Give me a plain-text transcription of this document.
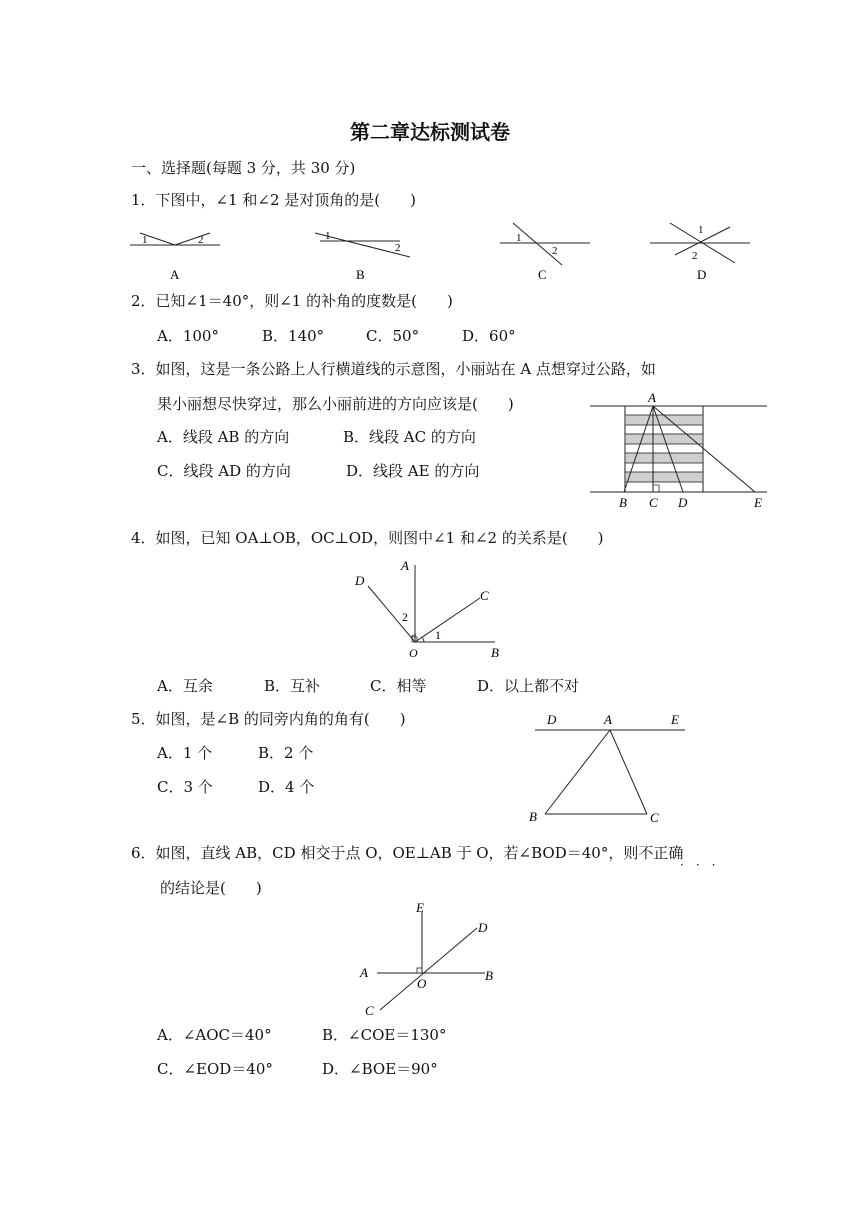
第二章达标测试卷
一、选择题(每题 3 分，共 30 分)
1．下图中，∠1 和∠2 是对顶角的是(　　)
1	2
A
1
2
B
1
2
C
1
2
D
2．已知∠1＝40°，则∠1 的补角的度数是(　　)
A．100°	B．140°	C．50°	D．60°
3．如图，这是一条公路上人行横道线的示意图，小丽站在 A 点想穿过公路，如
果小丽想尽快穿过，那么小丽前进的方向应该是(　　)
A．线段 AB 的方向	B．线段 AC 的方向
C．线段 AD 的方向	D．线段 AE 的方向
A
B C D	E
4．如图，已知 OA⊥OB，OC⊥OD，则图中∠1 和∠2 的关系是(　　)
D
A
C
2
1
O	B
A．互余	B．互补	C．相等	D．以上都不对
5．如图，是∠B 的同旁内角的角有(　　)
A．1 个	B．2 个
C．3 个	D．4 个
D	A	E
B	C
6．如图，直线 AB，CD 相交于点 O，OE⊥AB 于 O，若∠BOD＝40°，则不正确
···
的结论是(　　)
E
D
A
O
B
C
A．∠AOC＝40°	B．∠COE＝130°
C．∠EOD＝40°	D．∠BOE＝90°
